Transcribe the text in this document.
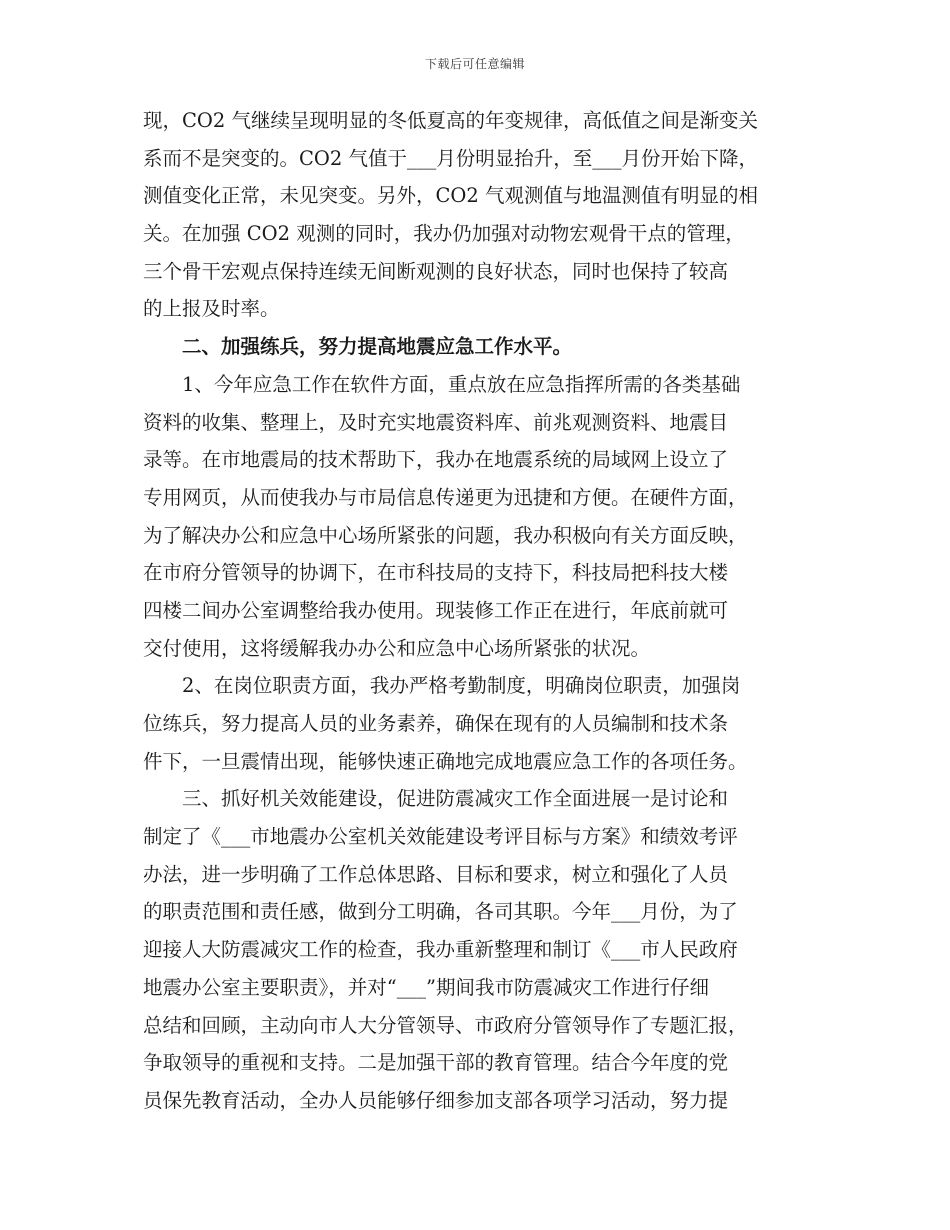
下载后可任意编辑
现，CO2 气继续呈现明显的冬低夏高的年变规律，高低值之间是渐变关
系而不是突变的。CO2 气值于___月份明显抬升，至___月份开始下降，
测值变化正常，未见突变。另外，CO2 气观测值与地温测值有明显的相
关。在加强 CO2 观测的同时，我办仍加强对动物宏观骨干点的管理，
三个骨干宏观点保持连续无间断观测的良好状态，同时也保持了较高
的上报及时率。
二、加强练兵，努力提高地震应急工作水平。
1、今年应急工作在软件方面，重点放在应急指挥所需的各类基础
资料的收集、整理上，及时充实地震资料库、前兆观测资料、地震目
录等。在市地震局的技术帮助下，我办在地震系统的局域网上设立了
专用网页，从而使我办与市局信息传递更为迅捷和方便。在硬件方面，
为了解决办公和应急中心场所紧张的问题，我办积极向有关方面反映，
在市府分管领导的协调下，在市科技局的支持下，科技局把科技大楼
四楼二间办公室调整给我办使用。现装修工作正在进行，年底前就可
交付使用，这将缓解我办办公和应急中心场所紧张的状况。
2、在岗位职责方面，我办严格考勤制度，明确岗位职责，加强岗
位练兵，努力提高人员的业务素养，确保在现有的人员编制和技术条
件下，一旦震情出现，能够快速正确地完成地震应急工作的各项任务。
三、抓好机关效能建设，促进防震减灾工作全面进展一是讨论和
制定了《___市地震办公室机关效能建设考评目标与方案》和绩效考评
办法，进一步明确了工作总体思路、目标和要求，树立和强化了人员
的职责范围和责任感，做到分工明确，各司其职。今年___月份，为了
迎接人大防震减灾工作的检查，我办重新整理和制订《___市人民政府
地震办公室主要职责》，并对“___”期间我市防震减灾工作进行仔细
总结和回顾，主动向市人大分管领导、市政府分管领导作了专题汇报，
争取领导的重视和支持。二是加强干部的教育管理。结合今年度的党
员保先教育活动，全办人员能够仔细参加支部各项学习活动，努力提
